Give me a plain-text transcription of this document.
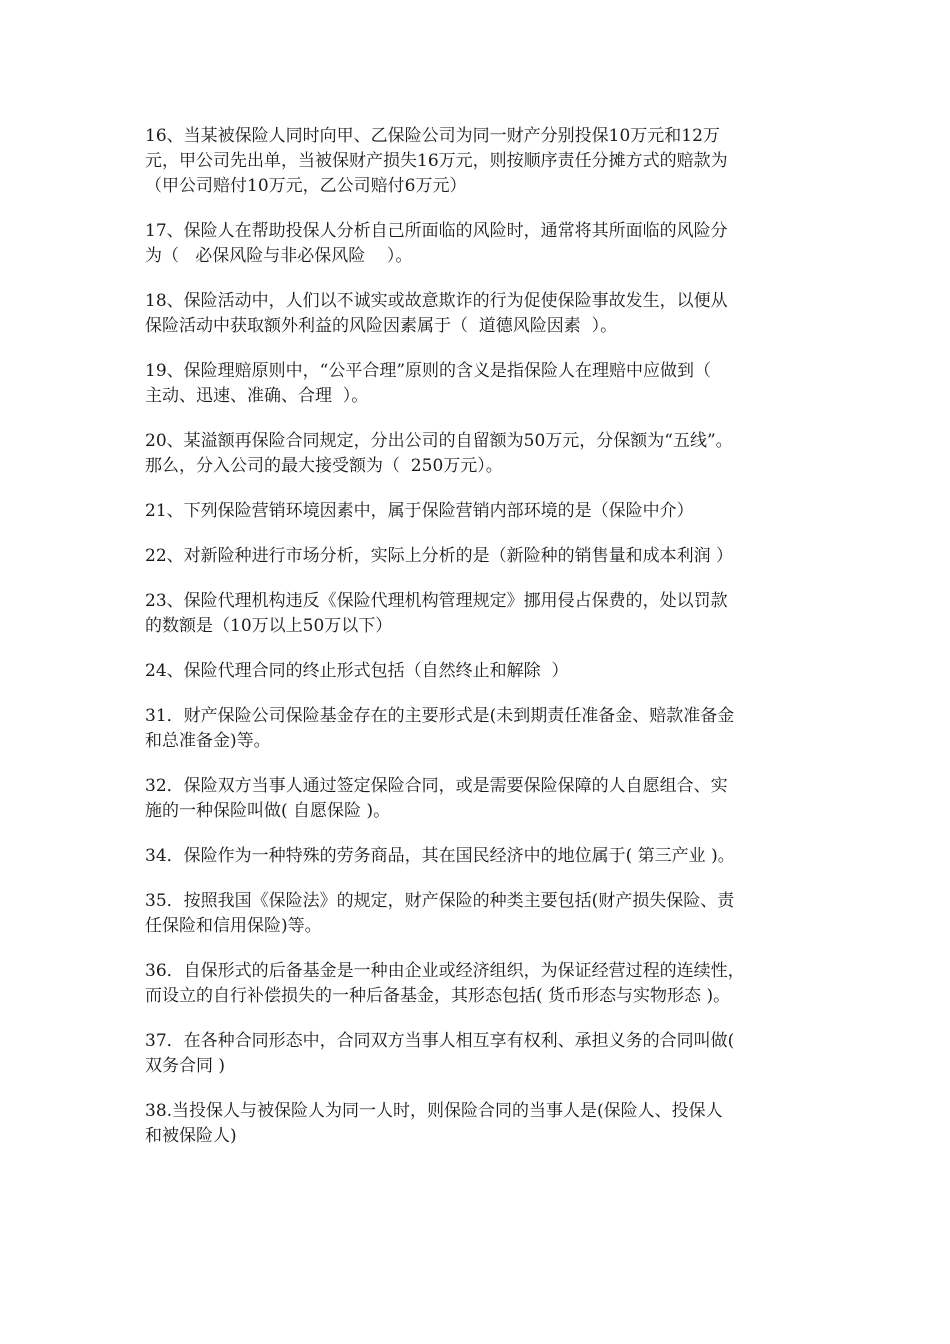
16、当某被保险人同时向甲、乙保险公司为同一财产分别投保10万元和12万
元，甲公司先出单，当被保财产损失16万元，则按顺序责任分摊方式的赔款为
（甲公司赔付10万元，乙公司赔付6万元）

17、保险人在帮助投保人分析自己所面临的风险时，通常将其所面临的风险分
为（   必保风险与非必保风险    ）。

18、保险活动中，人们以不诚实或故意欺诈的行为促使保险事故发生，以便从
保险活动中获取额外利益的风险因素属于（  道德风险因素  ）。

19、保险理赔原则中，“公平合理”原则的含义是指保险人在理赔中应做到（
主动、迅速、准确、合理  ）。

20、某溢额再保险合同规定，分出公司的自留额为50万元，分保额为“五线”。
那么，分入公司的最大接受额为（  250万元）。

21、下列保险营销环境因素中，属于保险营销内部环境的是（保险中介）

22、对新险种进行市场分析，实际上分析的是（新险种的销售量和成本利润 ）

23、保险代理机构违反《保险代理机构管理规定》挪用侵占保费的，处以罚款
的数额是（10万以上50万以下）

24、保险代理合同的终止形式包括（自然终止和解除  ）

31．财产保险公司保险基金存在的主要形式是(未到期责任准备金、赔款准备金
和总准备金)等。

32．保险双方当事人通过签定保险合同，或是需要保险保障的人自愿组合、实
施的一种保险叫做( 自愿保险 )。

34．保险作为一种特殊的劳务商品，其在国民经济中的地位属于( 第三产业 )。

35．按照我国《保险法》的规定，财产保险的种类主要包括(财产损失保险、责
任保险和信用保险)等。

36．自保形式的后备基金是一种由企业或经济组织，为保证经营过程的连续性，
而设立的自行补偿损失的一种后备基金，其形态包括( 货币形态与实物形态 )。

37．在各种合同形态中，合同双方当事人相互享有权利、承担义务的合同叫做(
双务合同 )

38.当投保人与被保险人为同一人时，则保险合同的当事人是(保险人、投保人
和被保险人)
